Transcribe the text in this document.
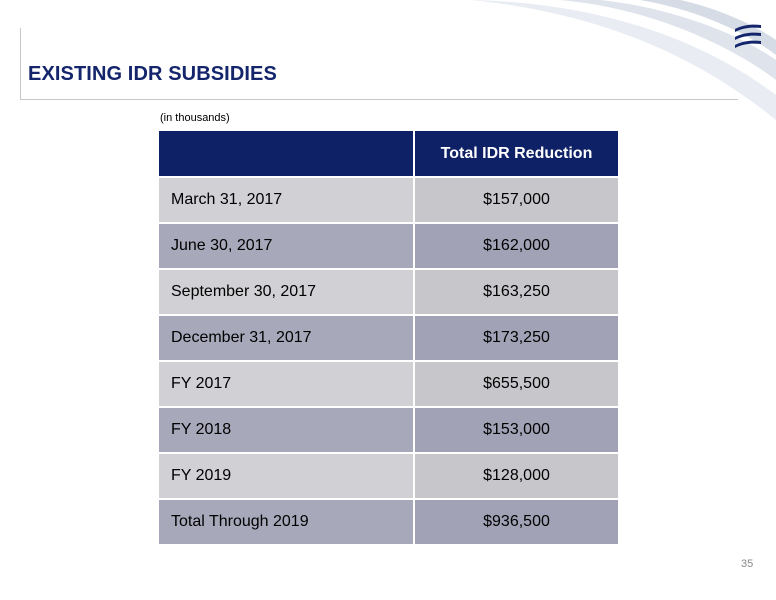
EXISTING IDR SUBSIDIES
(in thousands)
	Total IDR Reduction
March 31, 2017	$157,000
June 30, 2017	$162,000
September 30, 2017	$163,250
December 31, 2017	$173,250
FY 2017	$655,500
FY 2018	$153,000
FY 2019	$128,000
Total Through 2019	$936,500
35
